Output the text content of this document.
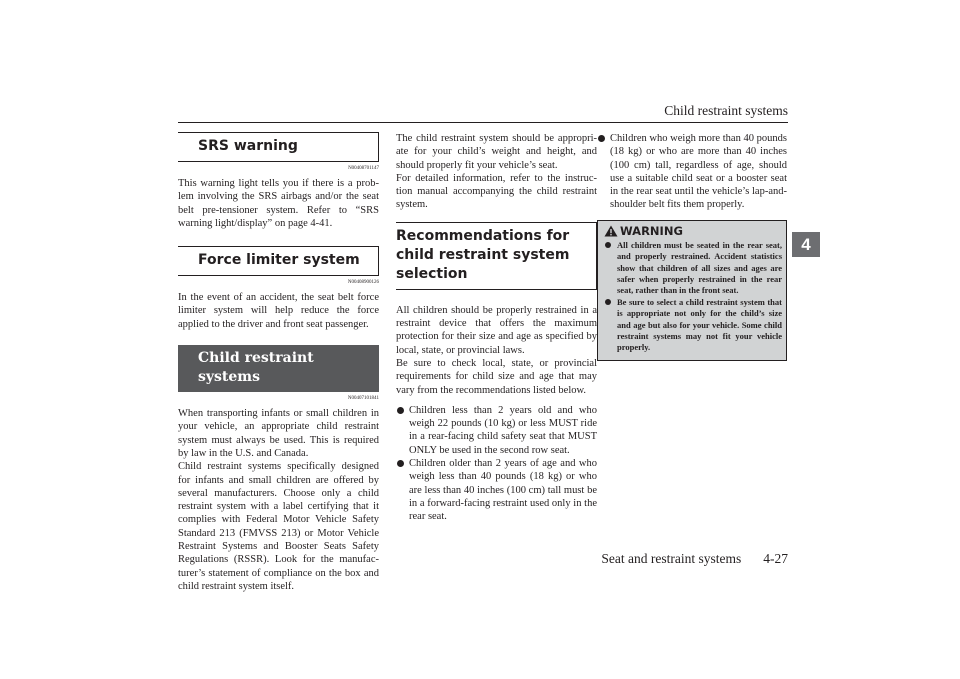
Child restraint systems
4
SRS warning
N00408701147

This warning light tells you if there is a prob-lem involving the SRS airbags and/or the seat belt pre-tensioner system. Refer to “SRS warning light/display” on page 4-41.

Force limiter system
N00408900126

In the event of an accident, the seat belt force limiter system will help reduce the force applied to the driver and front seat passenger.

Child restraint systems
N00407101841

When transporting infants or small children in your vehicle, an appropriate child restraint system must always be used. This is required by law in the U.S. and Canada.

Child restraint systems specifically designed for infants and small children are offered by several manufacturers. Choose only a child restraint system with a label certifying that it complies with Federal Motor Vehicle Safety Standard 213 (FMVSS 213) or Motor Vehicle Restraint Systems and Booster Seats Safety Regulations (RSSR). Look for the manufac-turer’s statement of compliance on the box and child restraint system itself.

The child restraint system should be appropri-ate for your child’s weight and height, and should properly fit your vehicle’s seat.

For detailed information, refer to the instruc-tion manual accompanying the child restraint system.

Recommendations for child restraint system selection

All children should be properly restrained in a restraint device that offers the maximum protection for their size and age as specified by local, state, or provincial laws.

Be sure to check local, state, or provincial requirements for child size and age that may vary from the recommendations listed below.

Children less than 2 years old and who weigh 22 pounds (10 kg) or less MUST ride in a rear-facing child safety seat that MUST ONLY be used in the second row seat.

Children older than 2 years of age and who weigh less than 40 pounds (18 kg) or who are less than 40 inches (100 cm) tall must be in a forward-facing restraint used only in the rear seat.

Children who weigh more than 40 pounds (18 kg) or who are more than 40 inches (100 cm) tall, regardless of age, should use a suitable child seat or a booster seat in the rear seat until the vehicle’s lap-and-shoulder belt fits them properly.

WARNING

All children must be seated in the rear seat, and properly restrained. Accident statistics show that children of all sizes and ages are safer when properly restrained in the rear seat, rather than in the front seat.

Be sure to select a child restraint system that is appropriate not only for the child’s size and age but also for your vehicle. Some child restraint systems may not fit your vehicle properly.

Seat and restraint systems 4-27
